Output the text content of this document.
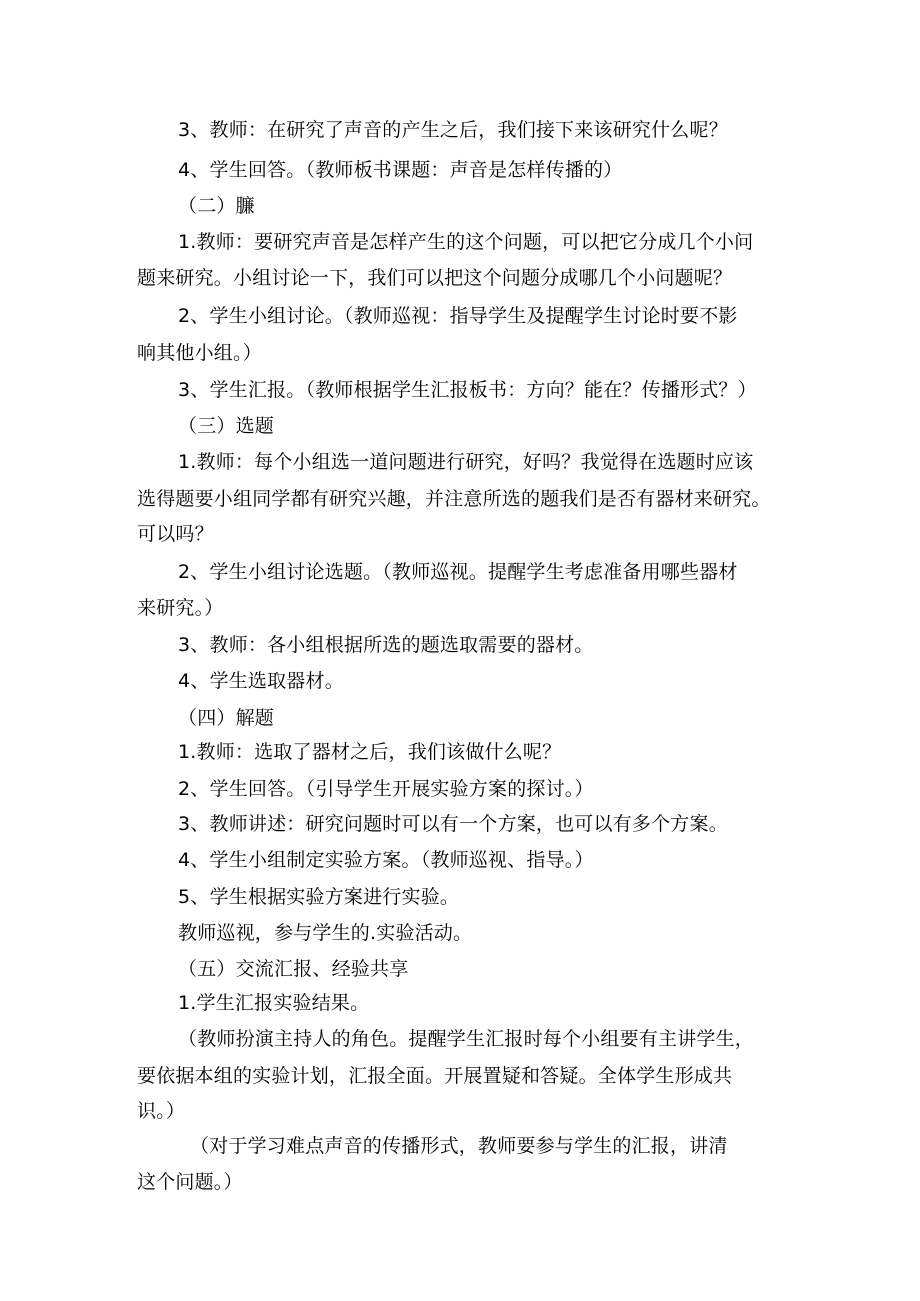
3、教师：在研究了声音的产生之后，我们接下来该研究什么呢？
4、学生回答。（教师板书课题：声音是怎样传播的）
（二）臁
1.教师：要研究声音是怎样产生的这个问题，可以把它分成几个小问
题来研究。小组讨论一下，我们可以把这个问题分成哪几个小问题呢？
2、学生小组讨论。（教师巡视：指导学生及提醒学生讨论时要不影
响其他小组。）
3、学生汇报。（教师根据学生汇报板书：方向？能在？传播形式？）
（三）选题
1.教师：每个小组选一道问题进行研究，好吗？我觉得在选题时应该
选得题要小组同学都有研究兴趣，并注意所选的题我们是否有器材来研究。
可以吗？
2、学生小组讨论选题。（教师巡视。提醒学生考虑准备用哪些器材
来研究。）
3、教师：各小组根据所选的题选取需要的器材。
4、学生选取器材。
（四）解题
1.教师：选取了器材之后，我们该做什么呢？
2、学生回答。（引导学生开展实验方案的探讨。）
3、教师讲述：研究问题时可以有一个方案，也可以有多个方案。
4、学生小组制定实验方案。（教师巡视、指导。）
5、学生根据实验方案进行实验。
教师巡视，参与学生的.实验活动。
（五）交流汇报、经验共享
1.学生汇报实验结果。
（教师扮演主持人的角色。提醒学生汇报时每个小组要有主讲学生，
要依据本组的实验计划，汇报全面。开展置疑和答疑。全体学生形成共
识。）
（对于学习难点声音的传播形式，教师要参与学生的汇报，讲清
这个问题。）
